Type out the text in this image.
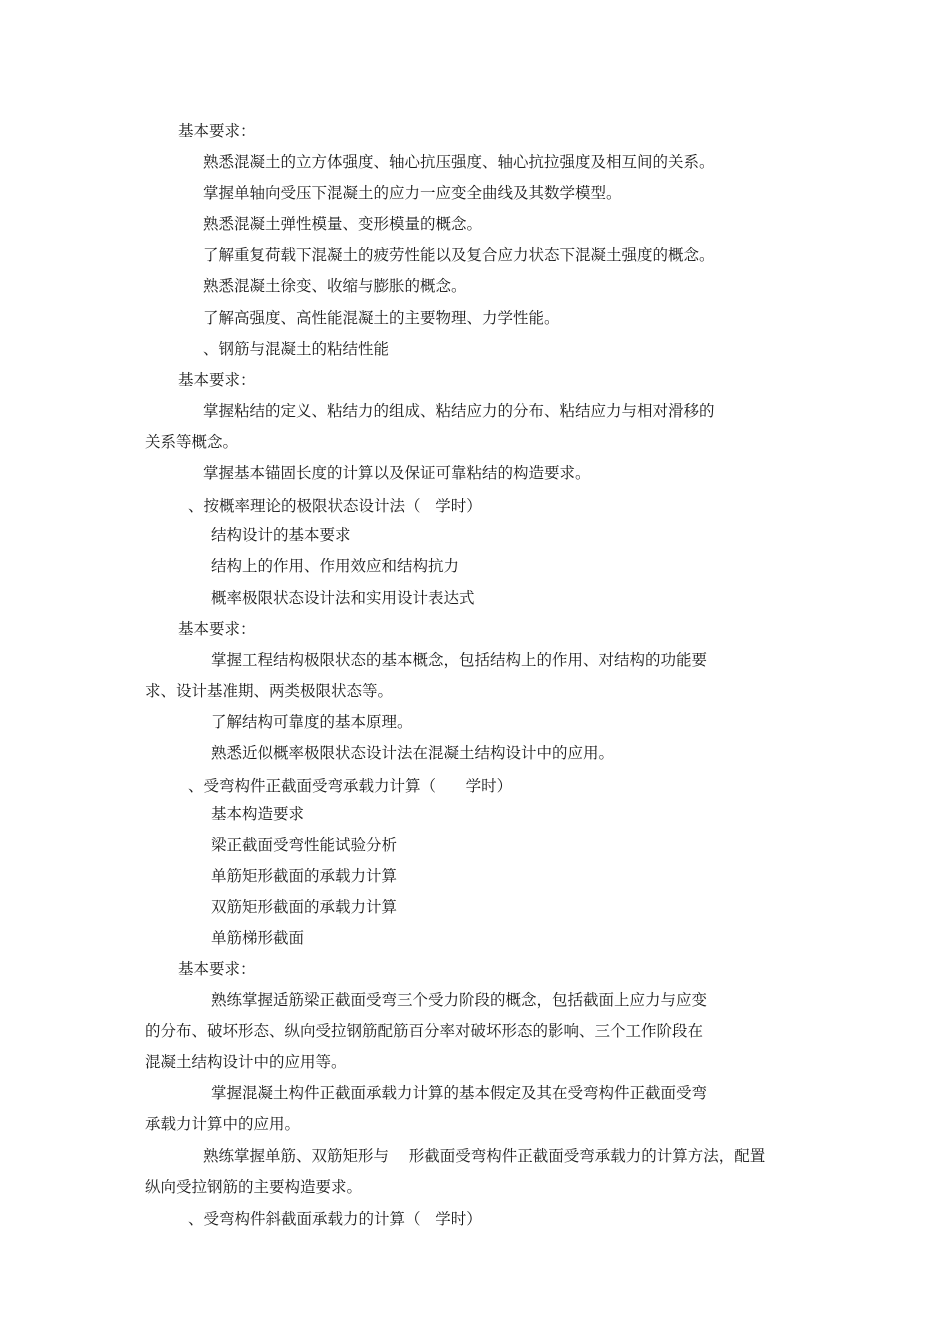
基本要求：
熟悉混凝土的立方体强度、轴心抗压强度、轴心抗拉强度及相互间的关系。
掌握单轴向受压下混凝土的应力一应变全曲线及其数学模型。
熟悉混凝土弹性模量、变形模量的概念。
了解重复荷载下混凝土的疲劳性能以及复合应力状态下混凝土强度的概念。
熟悉混凝土徐变、收缩与膨胀的概念。
了解高强度、高性能混凝土的主要物理、力学性能。
、钢筋与混凝土的粘结性能
基本要求：
掌握粘结的定义、粘结力的组成、粘结应力的分布、粘结应力与相对滑移的
关系等概念。
掌握基本锚固长度的计算以及保证可靠粘结的构造要求。
、按概率理论的极限状态设计法（   学时）
结构设计的基本要求
结构上的作用、作用效应和结构抗力
概率极限状态设计法和实用设计表达式
基本要求：
掌握工程结构极限状态的基本概念，包括结构上的作用、对结构的功能要
求、设计基准期、两类极限状态等。
了解结构可靠度的基本原理。
熟悉近似概率极限状态设计法在混凝土结构设计中的应用。
、受弯构件正截面受弯承载力计算（      学时）
基本构造要求
梁正截面受弯性能试验分析
单筋矩形截面的承载力计算
双筋矩形截面的承载力计算
单筋梯形截面
基本要求：
熟练掌握适筋梁正截面受弯三个受力阶段的概念，包括截面上应力与应变
的分布、破坏形态、纵向受拉钢筋配筋百分率对破坏形态的影响、三个工作阶段在
混凝土结构设计中的应用等。
掌握混凝土构件正截面承载力计算的基本假定及其在受弯构件正截面受弯
承载力计算中的应用。
熟练掌握单筋、双筋矩形与    形截面受弯构件正截面受弯承载力的计算方法，配置
纵向受拉钢筋的主要构造要求。
、受弯构件斜截面承载力的计算（   学时）
